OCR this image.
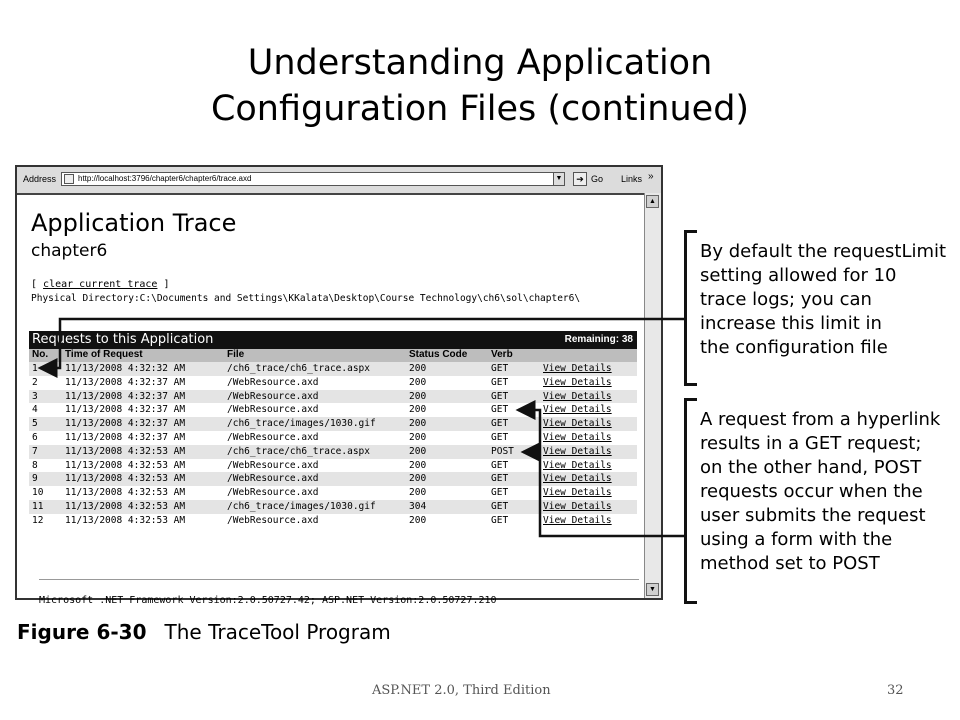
Understanding Application
Configuration Files (continued)
Address	http://localhost:3796/chapter6/chapter6/trace.axd	▼	➔ Go Links »
▲
▼
Application Trace
chapter6
[ clear current trace ]
Physical Directory:C:\Documents and Settings\KKalata\Desktop\Course Technology\ch6\sol\chapter6\
Requests to this Application	Remaining: 38
No. Time of Request	File	Status Code Verb
1	11/13/2008 4:32:32 AM	/ch6_trace/ch6_trace.aspx	200	GET	View Details
2	11/13/2008 4:32:37 AM	/WebResource.axd	200	GET	View Details
3	11/13/2008 4:32:37 AM	/WebResource.axd	200	GET	View Details
4	11/13/2008 4:32:37 AM	/WebResource.axd	200	GET	View Details
5	11/13/2008 4:32:37 AM	/ch6_trace/images/1030.gif	200	GET	View Details
6	11/13/2008 4:32:37 AM	/WebResource.axd	200	GET	View Details
7	11/13/2008 4:32:53 AM	/ch6_trace/ch6_trace.aspx	200	POST	View Details
8	11/13/2008 4:32:53 AM	/WebResource.axd	200	GET	View Details
9	11/13/2008 4:32:53 AM	/WebResource.axd	200	GET	View Details
10 11/13/2008 4:32:53 AM	/WebResource.axd	200	GET	View Details
11 11/13/2008 4:32:53 AM	/ch6_trace/images/1030.gif	304	GET	View Details
12 11/13/2008 4:32:53 AM	/WebResource.axd	200	GET	View Details
Microsoft .NET Framework Version:2.0.50727.42; ASP.NET Version:2.0.50727.210
By default the requestLimit
setting allowed for 10
trace logs; you can
increase this limit in
the configuration file
A request from a hyperlink
results in a GET request;
on the other hand, POST
requests occur when the
user submits the request
using a form with the
method set to POST
Figure 6-30 The TraceTool Program
ASP.NET 2.0, Third Edition	32
